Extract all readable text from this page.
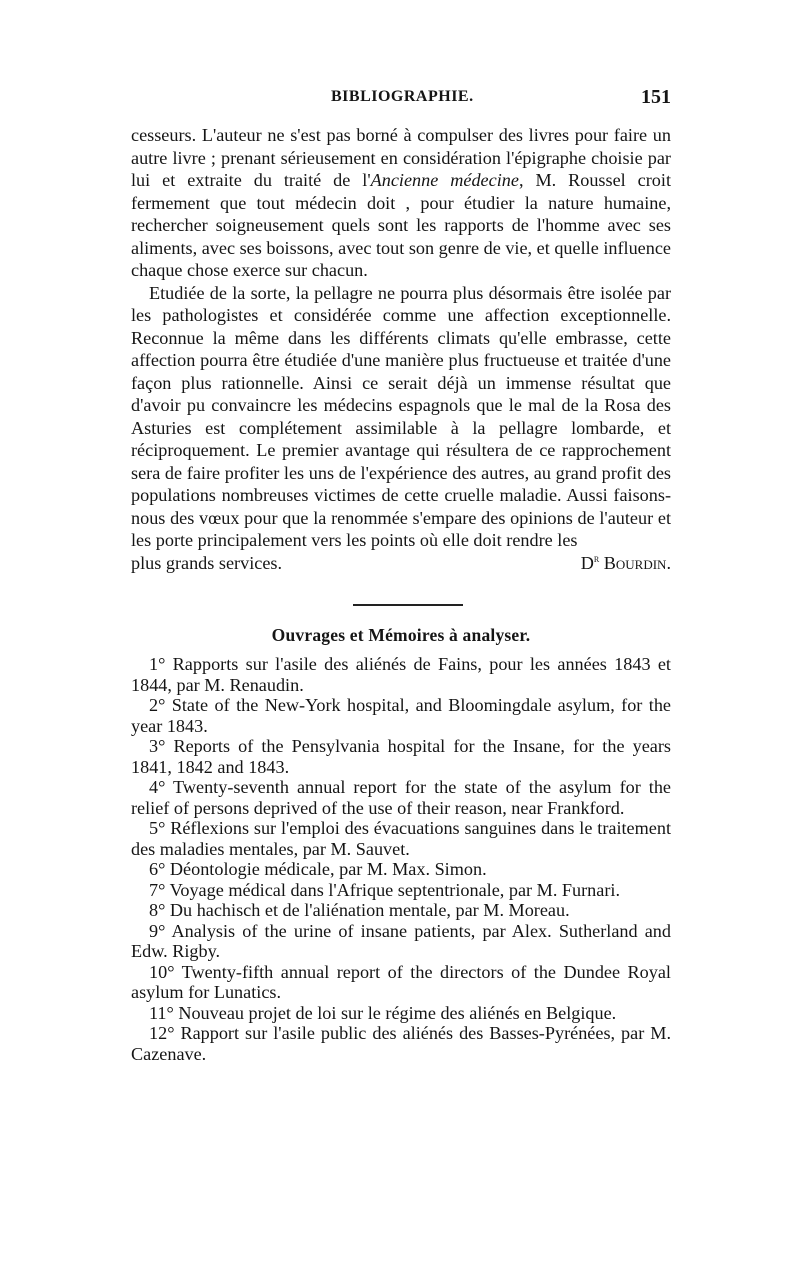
BIBLIOGRAPHIE.	151

cesseurs. L'auteur ne s'est pas borné à compulser des livres pour faire un autre livre ; prenant sérieusement en considération l'épigraphe choisie par lui et extraite du traité de l'Ancienne médecine, M. Roussel croit fermement que tout médecin doit , pour étudier la nature humaine, rechercher soigneusement quels sont les rapports de l'homme avec ses aliments, avec ses boissons, avec tout son genre de vie, et quelle influence chaque chose exerce sur chacun.

Etudiée de la sorte, la pellagre ne pourra plus désormais être isolée par les pathologistes et considérée comme une affection exceptionnelle. Reconnue la même dans les différents climats qu'elle embrasse, cette affection pourra être étudiée d'une manière plus fructueuse et traitée d'une façon plus rationnelle. Ainsi ce serait déjà un immense résultat que d'avoir pu convaincre les médecins espagnols que le mal de la Rosa des Asturies est complétement assimilable à la pellagre lombarde, et réciproquement. Le premier avantage qui résultera de ce rapprochement sera de faire profiter les uns de l'expérience des autres, au grand profit des populations nombreuses victimes de cette cruelle maladie. Aussi faisons-nous des vœux pour que la renommée s'empare des opinions de l'auteur et les porte principalement vers les points où elle doit rendre les

plus grands services.	$D^r$ Bourdin.
Ouvrages et Mémoires à analyser.

1° Rapports sur l'asile des aliénés de Fains, pour les années 1843 et 1844, par M. Renaudin.

2° State of the New-York hospital, and Bloomingdale asylum, for the year 1843.

3° Reports of the Pensylvania hospital for the Insane, for the years 1841, 1842 and 1843.

4° Twenty-seventh annual report for the state of the asylum for the relief of persons deprived of the use of their reason, near Frankford.

5° Réflexions sur l'emploi des évacuations sanguines dans le traitement des maladies mentales, par M. Sauvet.

6° Déontologie médicale, par M. Max. Simon.

7° Voyage médical dans l'Afrique septentrionale, par M. Furnari.

8° Du hachisch et de l'aliénation mentale, par M. Moreau.

9° Analysis of the urine of insane patients, par Alex. Sutherland and Edw. Rigby.

10° Twenty-fifth annual report of the directors of the Dundee Royal asylum for Lunatics.

11° Nouveau projet de loi sur le régime des aliénés en Belgique.

12° Rapport sur l'asile public des aliénés des Basses-Pyrénées, par M. Cazenave.
